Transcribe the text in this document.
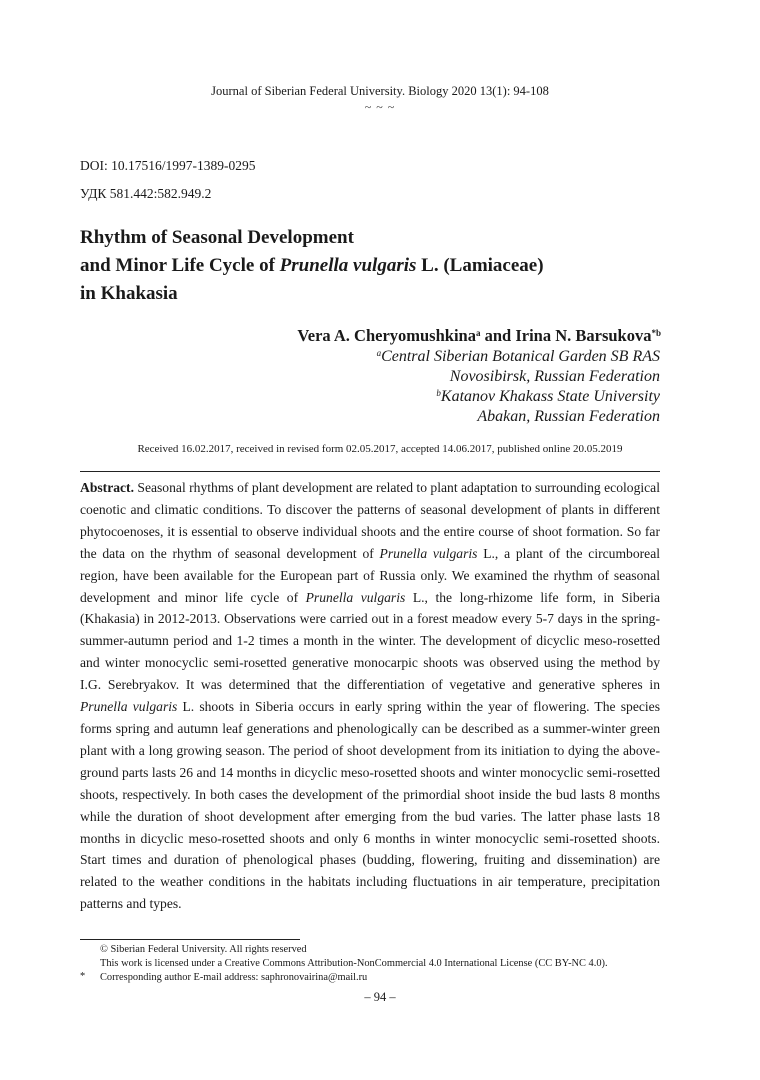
Journal of Siberian Federal University. Biology 2020 13(1): 94-108
~ ~ ~
DOI: 10.17516/1997-1389-0295
УДК 581.442:582.949.2
Rhythm of Seasonal Development
and Minor Life Cycle of Prunella vulgaris L. (Lamiaceae)
in Khakasia
Vera A. Cheryomushkina$^a$ and Irina N. Barsukova$^{*b}$
$^a$Central Siberian Botanical Garden SB RAS
Novosibirsk, Russian Federation
$^b$Katanov Khakass State University
Abakan, Russian Federation
Received 16.02.2017, received in revised form 02.05.2017, accepted 14.06.2017, published online 20.05.2019
Abstract. Seasonal rhythms of plant development are related to plant adaptation to surrounding ecological coenotic and climatic conditions. To discover the patterns of seasonal development of plants in different phytocoenoses, it is essential to observe individual shoots and the entire course of shoot formation. So far the data on the rhythm of seasonal development of Prunella vulgaris L., a plant of the circumboreal region, have been available for the European part of Russia only. We examined the rhythm of seasonal development and minor life cycle of Prunella vulgaris L., the long-rhizome life form, in Siberia (Khakasia) in 2012-2013. Observations were carried out in a forest meadow every 5-7 days in the spring-summer-autumn period and 1-2 times a month in the winter. The development of dicyclic meso-rosetted and winter monocyclic semi-rosetted generative monocarpic shoots was observed using the method by I.G. Serebryakov. It was determined that the differentiation of vegetative and generative spheres in Prunella vulgaris L. shoots in Siberia occurs in early spring within the year of flowering. The species forms spring and autumn leaf generations and phenologically can be described as a summer-winter green plant with a long growing season. The period of shoot development from its initiation to dying the above-ground parts lasts 26 and 14 months in dicyclic meso-rosetted shoots and winter monocyclic semi-rosetted shoots, respectively. In both cases the development of the primordial shoot inside the bud lasts 8 months while the duration of shoot development after emerging from the bud varies. The latter phase lasts 18 months in dicyclic meso-rosetted shoots and only 6 months in winter monocyclic semi-rosetted shoots. Start times and duration of phenological phases (budding, flowering, fruiting and dissemination) are related to the weather conditions in the habitats including fluctuations in air temperature, precipitation patterns and types.
© Siberian Federal University. All rights reserved
This work is licensed under a Creative Commons Attribution-NonCommercial 4.0 International License (CC BY-NC 4.0).
* Corresponding author E-mail address: saphronovairina@mail.ru
– 94 –
